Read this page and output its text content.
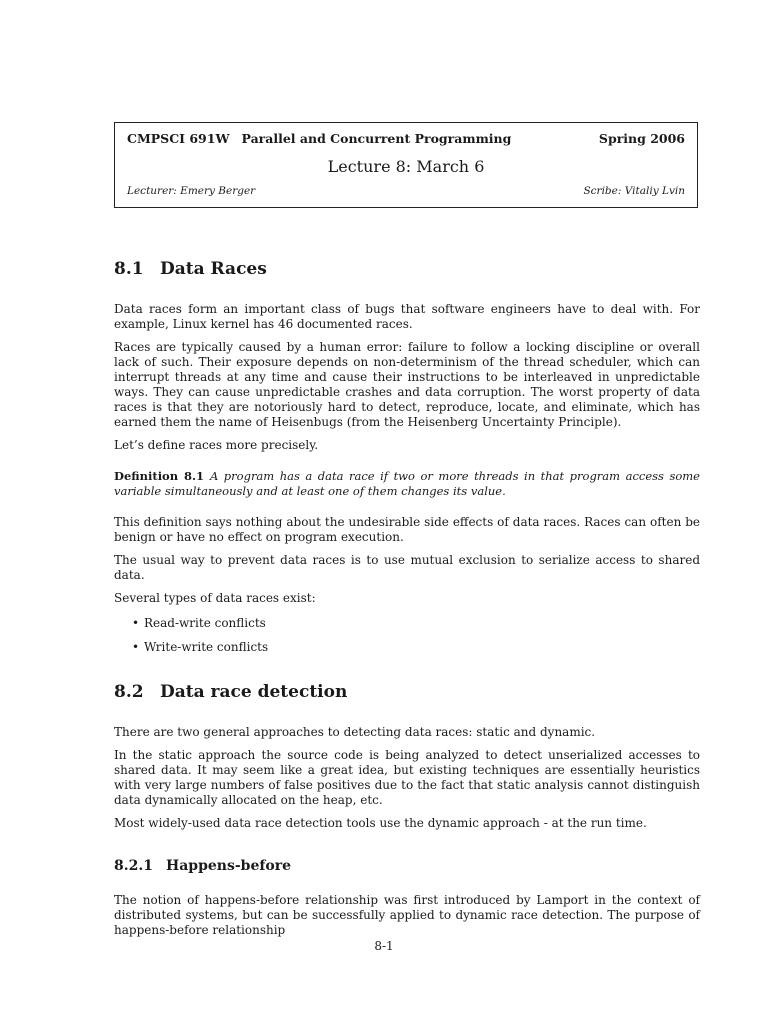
CMPSCI 691W Parallel and Concurrent Programming	Spring 2006
Lecture 8: March 6
Lecturer: Emery Berger	Scribe: Vitaliy Lvin
8.1 Data Races

Data races form an important class of bugs that software engineers have to deal with. For example, Linux kernel has 46 documented races.

Races are typically caused by a human error: failure to follow a locking discipline or overall lack of such. Their exposure depends on non-determinism of the thread scheduler, which can interrupt threads at any time and cause their instructions to be interleaved in unpredictable ways. They can cause unpredictable crashes and data corruption. The worst property of data races is that they are notoriously hard to detect, reproduce, locate, and eliminate, which has earned them the name of Heisenbugs (from the Heisenberg Uncertainty Principle).

Let’s define races more precisely.

Definition 8.1 A program has a data race if two or more threads in that program access some variable simultaneously and at least one of them changes its value.

This definition says nothing about the undesirable side effects of data races. Races can often be benign or have no effect on program execution.

The usual way to prevent data races is to use mutual exclusion to serialize access to shared data.

Several types of data races exist:

• Read-write conflicts
• Write-write conflicts
8.2 Data race detection

There are two general approaches to detecting data races: static and dynamic.

In the static approach the source code is being analyzed to detect unserialized accesses to shared data. It may seem like a great idea, but existing techniques are essentially heuristics with very large numbers of false positives due to the fact that static analysis cannot distinguish data dynamically allocated on the heap, etc.

Most widely-used data race detection tools use the dynamic approach - at the run time.

8.2.1 Happens-before

The notion of happens-before relationship was first introduced by Lamport in the context of distributed systems, but can be successfully applied to dynamic race detection. The purpose of happens-before relationship

8-1
